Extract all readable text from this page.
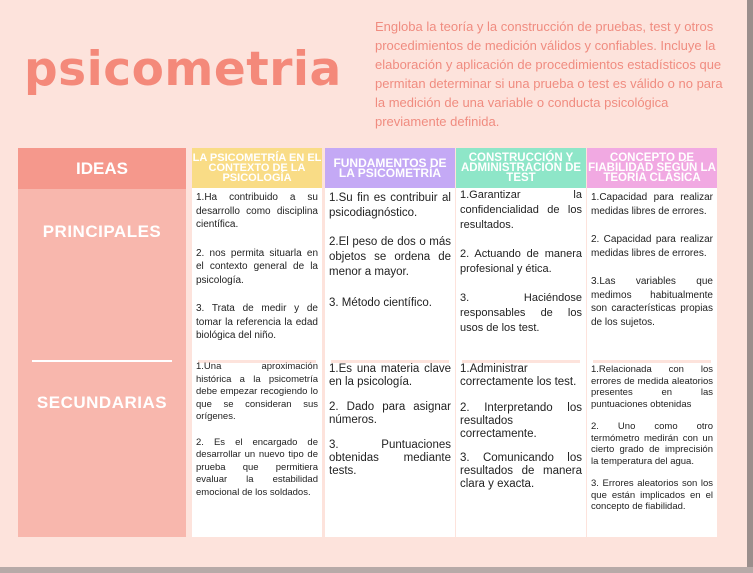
psicometria
Engloba la teoría y la construcción de pruebas, test y otros procedimientos de medición válidos y confiables. Incluye la elaboración y aplicación de procedimientos estadísticos que permitan determinar si una prueba o test es válido o no para la medición de una variable o conducta psicológica previamente definida.
IDEAS
PRINCIPALES
SECUNDARIAS
LA PSICOMETRÍA EN EL CONTEXTO DE LA PSICOLOGÍA

1.Ha contribuido a su desarrollo como disciplina científica.

2. nos permita situarla en el contexto general de la psicología.

3. Trata de medir y de tomar la referencia la edad biológica del niño.

1.Una aproximación histórica a la psicometría debe empezar recogiendo lo que se consideran sus orígenes.

2. Es el encargado de desarrollar un nuevo tipo de prueba que permitiera evaluar la estabilidad emocional de los soldados.

FUNDAMENTOS DE LA PSICOMETRÍA

1.Su fin es contribuir al psicodiagnóstico.

2.El peso de dos o más objetos se ordena de menor a mayor.

3. Método científico.

1.Es una materia clave en la psicología.

2. Dado para asignar números.

3. Puntuaciones obtenidas mediante tests.

CONSTRUCCIÓN Y ADMINISTRACIÓN DE TEST

1.Garantizar la confidencialidad de los resultados.

2. Actuando de manera profesional y ética.

3. Haciéndose responsables de los usos de los test.

1.Administrar correctamente los test.

2. Interpretando los resultados correctamente.

3. Comunicando los resultados de manera clara y exacta.

CONCEPTO DE FIABILIDAD SEGÚN LA TEORÍA CLÁSICA

1.Capacidad para realizar medidas libres de errores.

2. Capacidad para realizar medidas libres de errores.

3.Las variables que medimos habitualmente son características propias de los sujetos.

1.Relacionada con los errores de medida aleatorios presentes en las puntuaciones obtenidas

2. Uno como otro termómetro medirán con un cierto grado de imprecisión la temperatura del agua.

3. Errores aleatorios son los que están implicados en el concepto de fiabilidad.
